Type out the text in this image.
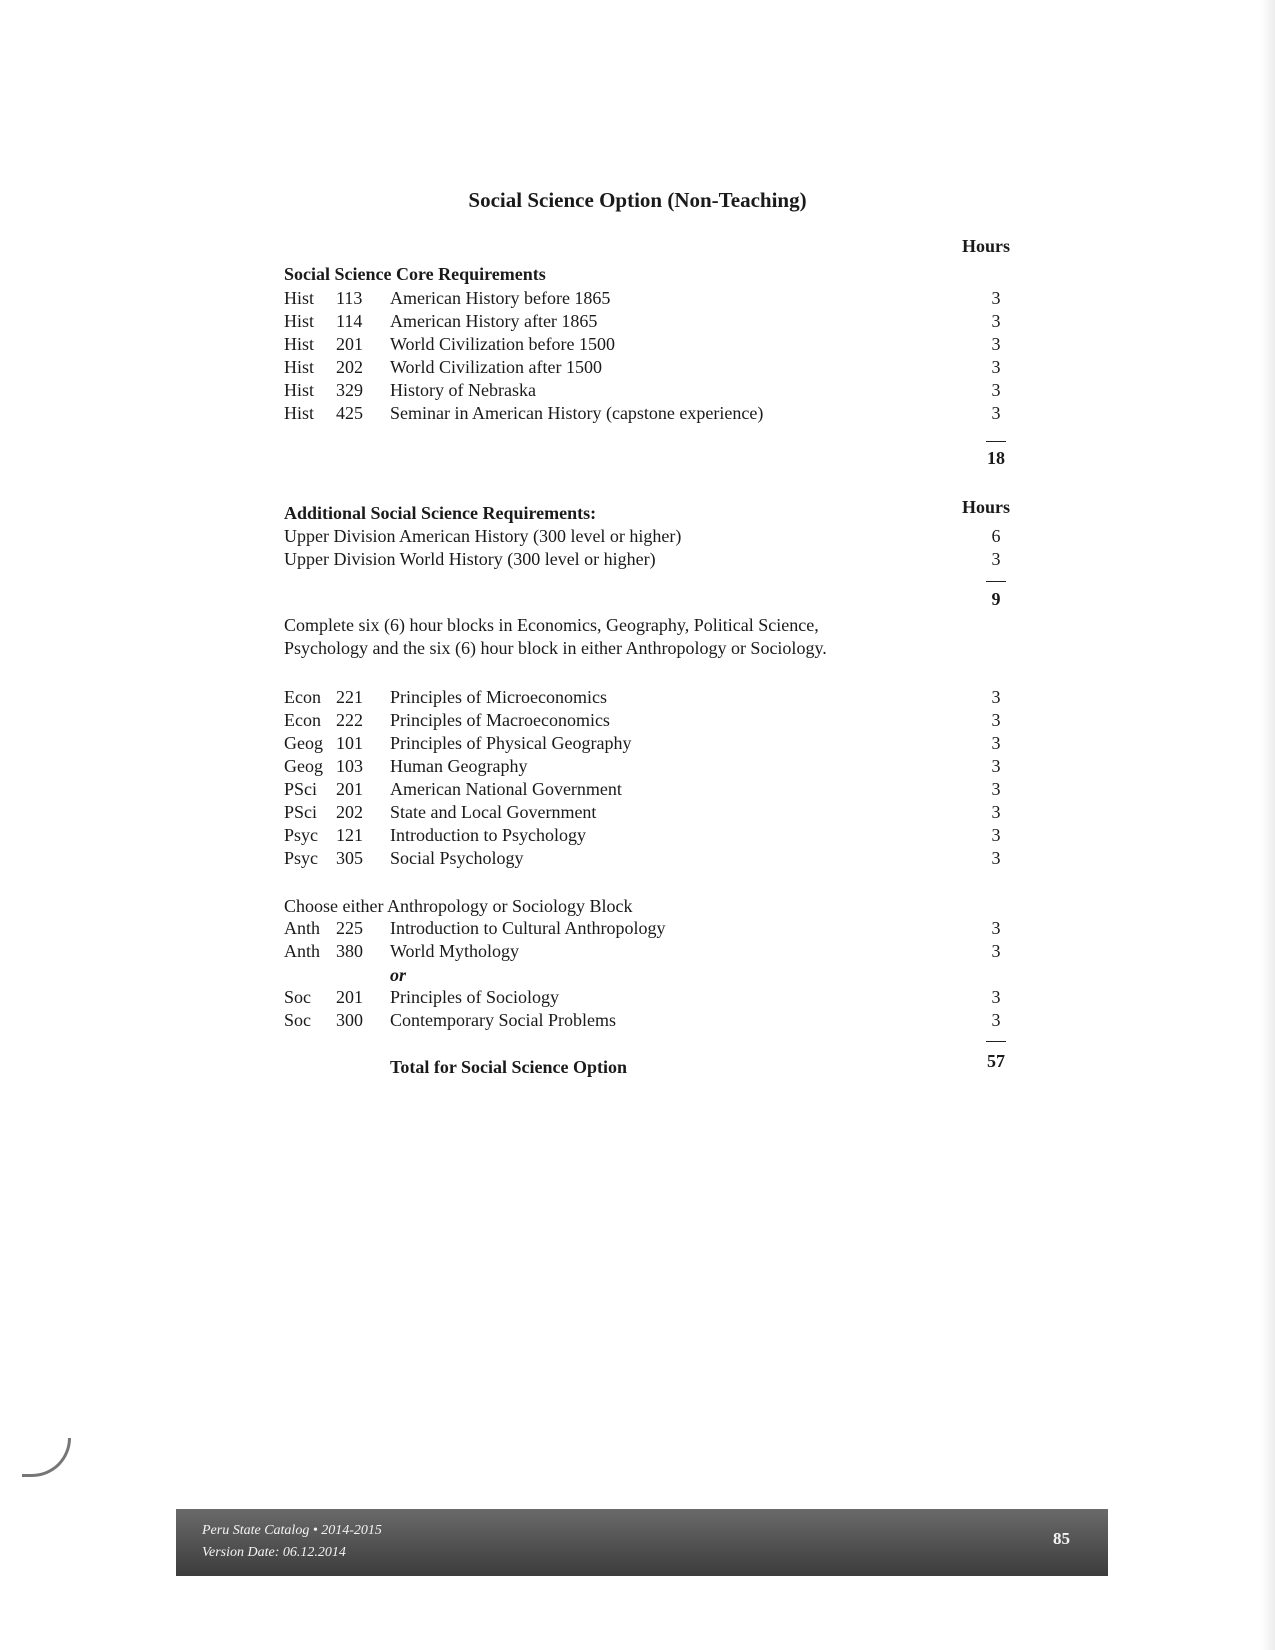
Social Science Option (Non-Teaching)
Hours
Social Science Core Requirements
Hist 113 American History before 1865	3
Hist 114 American History after 1865	3
Hist 201 World Civilization before 1500	3
Hist 202 World Civilization after 1500	3
Hist 329 History of Nebraska	3
Hist 425 Seminar in American History (capstone experience)	3
18
Additional Social Science Requirements:	Hours
Upper Division American History (300 level or higher)	6
Upper Division World History (300 level or higher)	3
9
Complete six (6) hour blocks in Economics, Geography, Political Science,
Psychology and the six (6) hour block in either Anthropology or Sociology.
Econ 221 Principles of Microeconomics	3
Econ 222 Principles of Macroeconomics	3
Geog 101 Principles of Physical Geography	3
Geog 103 Human Geography	3
PSci 201 American National Government	3
PSci 202 State and Local Government	3
Psyc 121 Introduction to Psychology	3
Psyc 305 Social Psychology	3
Choose either Anthropology or Sociology Block
Anth 225 Introduction to Cultural Anthropology	3
Anth 380 World Mythology	3
or
Soc 201 Principles of Sociology	3
Soc 300 Contemporary Social Problems	3
Total for Social Science Option	57
Peru State Catalog • 2014-2015
Version Date: 06.12.2014
85
